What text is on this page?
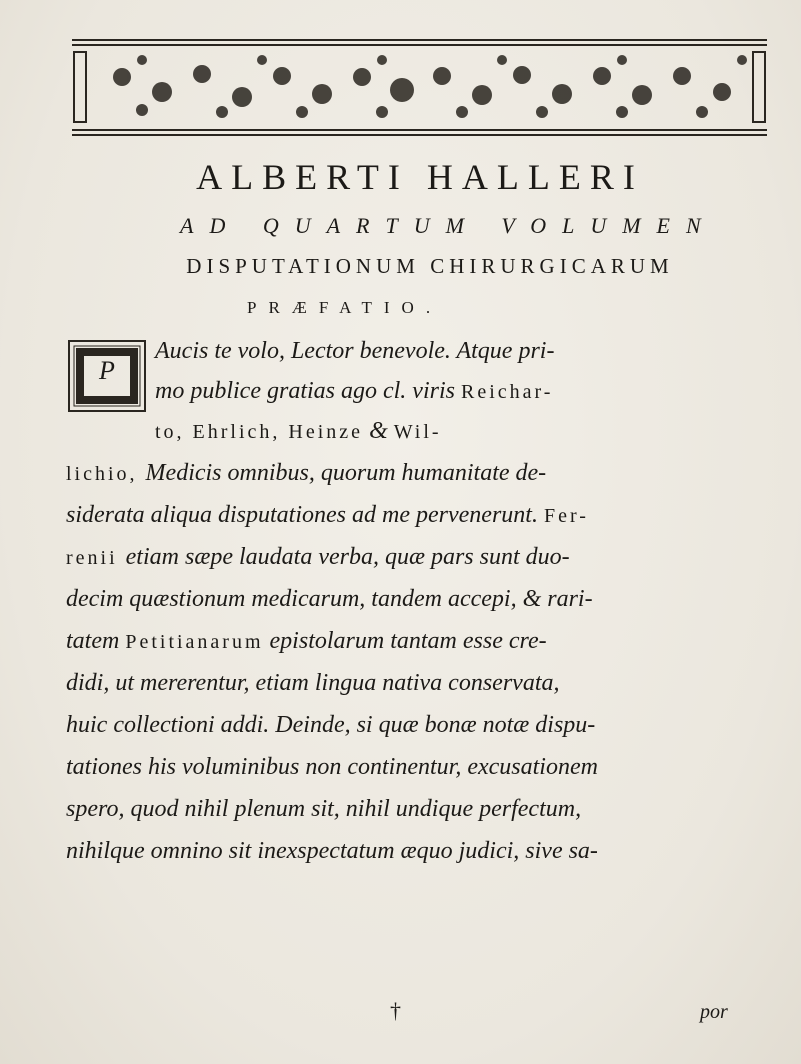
ALBERTI HALLERI
AD QUARTUM VOLUMEN
DISPUTATIONUM CHIRURGICARUM
PRÆFATIO.
P
Aucis te volo, Lector benevole. Atque pri-
mo publice gratias ago cl. viris Reichar-
to, Ehrlich, Heinze & Wil-
lichio, Medicis omnibus, quorum humanitate de-
siderata aliqua disputationes ad me pervenerunt. Fer-
renii etiam sæpe laudata verba, quæ pars sunt duo-
decim quæstionum medicarum, tandem accepi, & rari-
tatem Petitianarum epistolarum tantam esse cre-
didi, ut mererentur, etiam lingua nativa conservata,
huic collectioni addi. Deinde, si quæ bonæ notæ dispu-
tationes his voluminibus non continentur, excusationem
spero, quod nihil plenum sit, nihil undique perfectum,
nihilque omnino sit inexspectatum æquo judici, sive sa-
†	por
